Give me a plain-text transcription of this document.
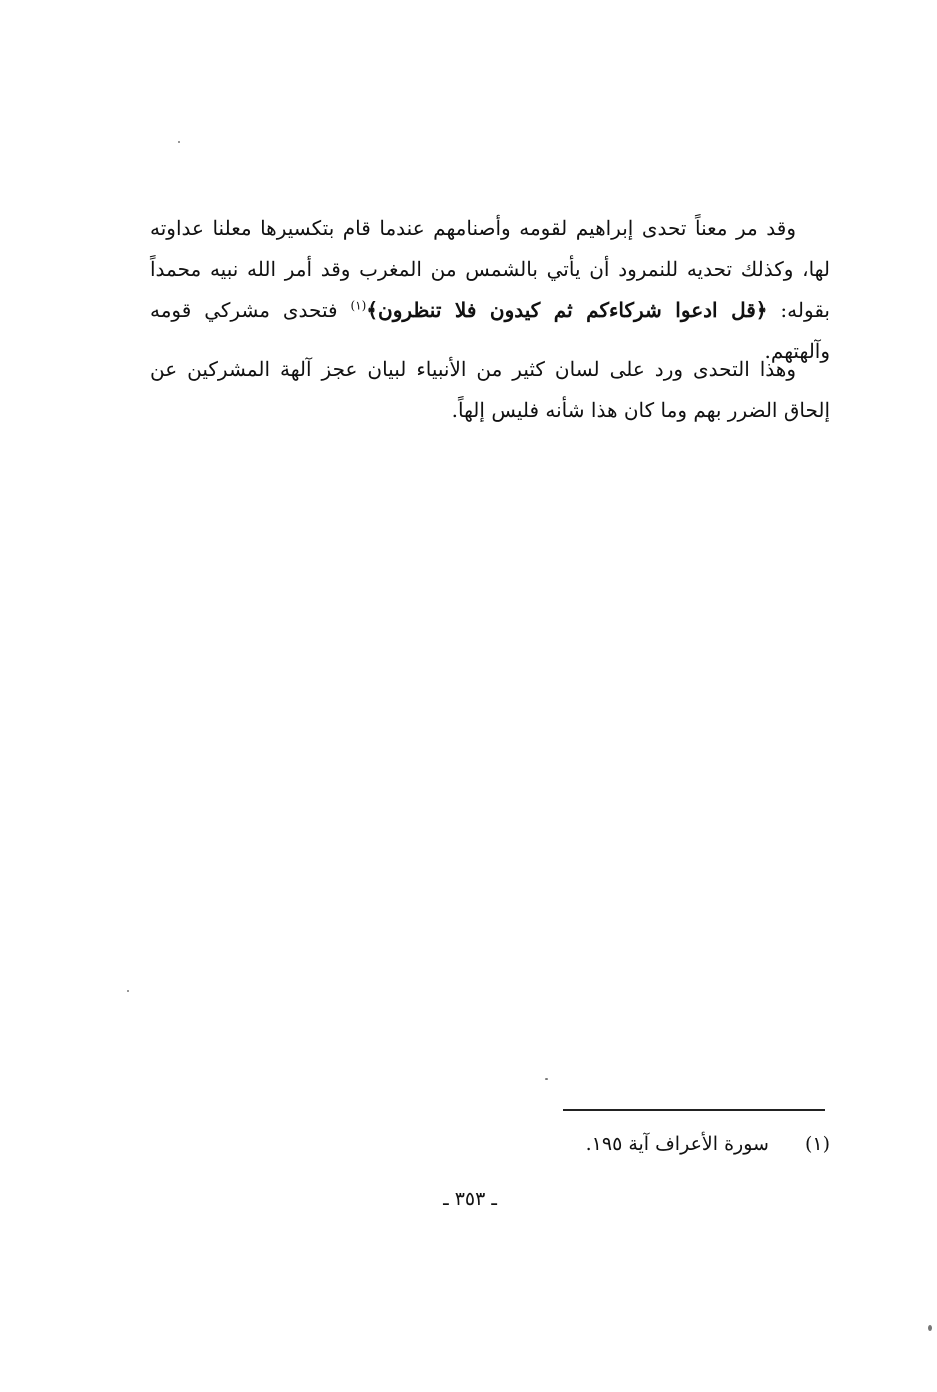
وقد مر معناً تحدى إبراهيم لقومه وأصنامهم عندما قام بتكسيرها معلنا عداوته لها، وكذلك تحديه للنمرود أن يأتي بالشمس من المغرب وقد أمر الله نبيه محمداً بقوله: ﴿قل ادعوا شركاءكم ثم كيدون فلا تنظرون﴾$^{(١)}$ فتحدى مشركي قومه وآلهتهم.

وهذا التحدى ورد على لسان كثير من الأنبياء لبيان عجز آلهة المشركين عن إلحاق الضرر بهم وما كان هذا شأنه فليس إلهاً.

(١)سورة الأعراف آية ١٩٥.
ـ ٣٥٣ ـ
